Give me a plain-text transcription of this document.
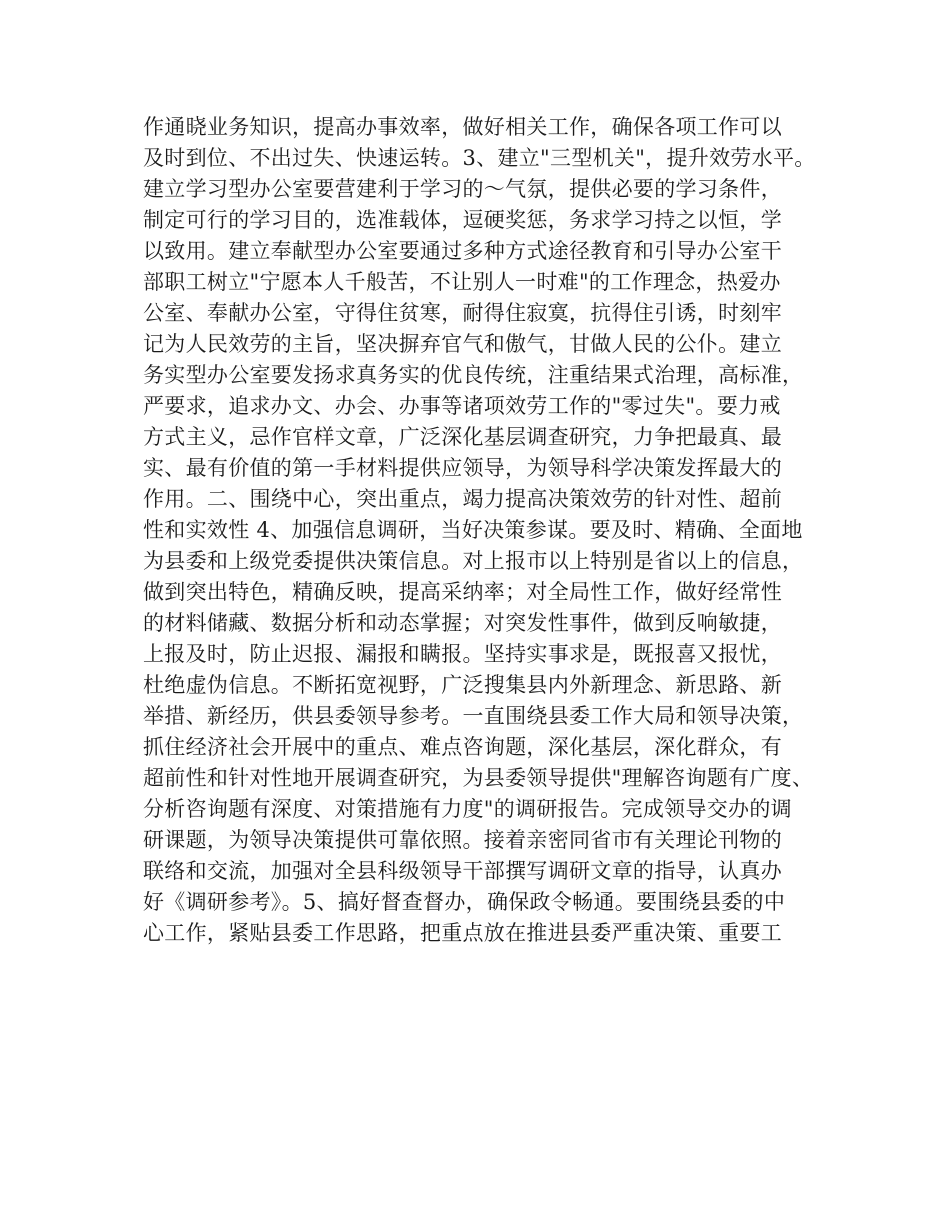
作通晓业务知识，提高办事效率，做好相关工作，确保各项工作可以
及时到位、不出过失、快速运转。3、建立"三型机关"，提升效劳水平。
建立学习型办公室要营建利于学习的～气氛，提供必要的学习条件，
制定可行的学习目的，选准载体，逗硬奖惩，务求学习持之以恒，学
以致用。建立奉献型办公室要通过多种方式途径教育和引导办公室干
部职工树立"宁愿本人千般苦，不让别人一时难"的工作理念，热爱办
公室、奉献办公室，守得住贫寒，耐得住寂寞，抗得住引诱，时刻牢
记为人民效劳的主旨，坚决摒弃官气和傲气，甘做人民的公仆。建立
务实型办公室要发扬求真务实的优良传统，注重结果式治理，高标准，
严要求，追求办文、办会、办事等诸项效劳工作的"零过失"。要力戒
方式主义，忌作官样文章，广泛深化基层调查研究，力争把最真、最
实、最有价值的第一手材料提供应领导，为领导科学决策发挥最大的
作用。二、围绕中心，突出重点，竭力提高决策效劳的针对性、超前
性和实效性 4、加强信息调研，当好决策参谋。要及时、精确、全面地
为县委和上级党委提供决策信息。对上报市以上特别是省以上的信息，
做到突出特色，精确反映，提高采纳率；对全局性工作，做好经常性
的材料储藏、数据分析和动态掌握；对突发性事件，做到反响敏捷，
上报及时，防止迟报、漏报和瞒报。坚持实事求是，既报喜又报忧，
杜绝虚伪信息。不断拓宽视野，广泛搜集县内外新理念、新思路、新
举措、新经历，供县委领导参考。一直围绕县委工作大局和领导决策，
抓住经济社会开展中的重点、难点咨询题，深化基层，深化群众，有
超前性和针对性地开展调查研究，为县委领导提供"理解咨询题有广度、
分析咨询题有深度、对策措施有力度"的调研报告。完成领导交办的调
研课题，为领导决策提供可靠依照。接着亲密同省市有关理论刊物的
联络和交流，加强对全县科级领导干部撰写调研文章的指导，认真办
好《调研参考》。5、搞好督查督办，确保政令畅通。要围绕县委的中
心工作，紧贴县委工作思路，把重点放在推进县委严重决策、重要工
